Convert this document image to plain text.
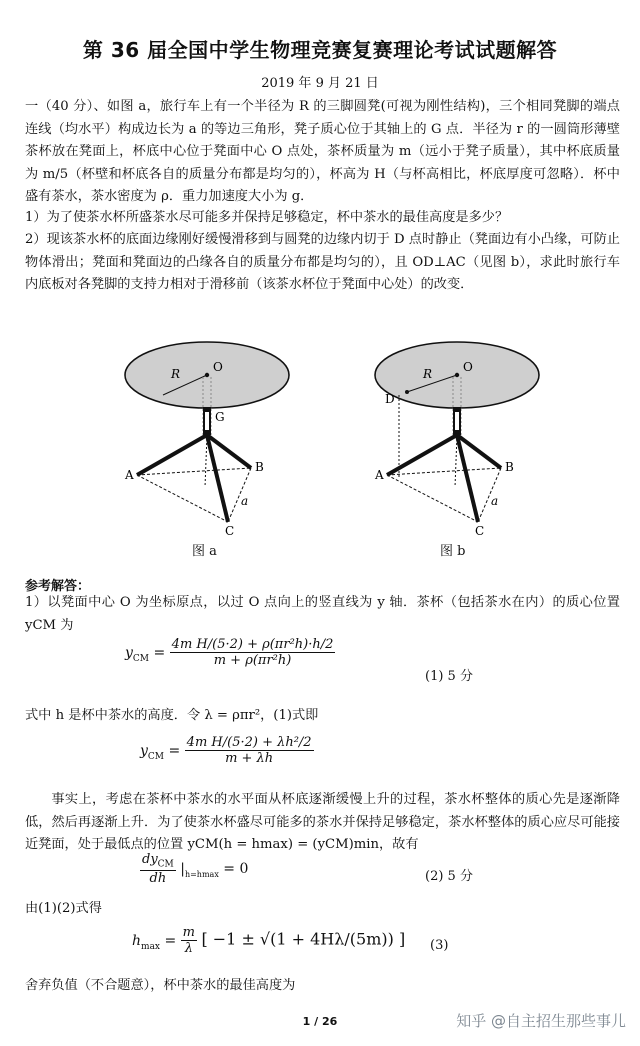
第 36 届全国中学生物理竞赛复赛理论考试试题解答
2019 年 9 月 21 日
一（40 分）、如图 a，旅行车上有一个半径为 R 的三脚圆凳(可视为刚性结构)，三个相同凳脚的端点连线（均水平）构成边长为 a 的等边三角形，凳子质心位于其轴上的 G 点．半径为 r 的一圆筒形薄壁茶杯放在凳面上，杯底中心位于凳面中心 O 点处，茶杯质量为 m（远小于凳子质量），其中杯底质量为 m/5（杯壁和杯底各自的质量分布都是均匀的），杯高为 H（与杯高相比，杯底厚度可忽略）．杯中盛有茶水，茶水密度为 ρ．重力加速度大小为 g．
1）为了使茶水杯所盛茶水尽可能多并保持足够稳定，杯中茶水的最佳高度是多少？
2）现该茶水杯的底面边缘刚好缓慢滑移到与圆凳的边缘内切于 D 点时静止（凳面边有小凸缘，可防止物体滑出；凳面和凳面边的凸缘各自的质量分布都是均匀的），且 OD⊥AC（见图 b），求此时旅行车内底板对各凳脚的支持力相对于滑移前（该茶水杯位于凳面中心处）的改变．
O
R
G
A
B
C
a
图 a
O
R
D
A
B
C
a
图 b
参考解答：
1）以凳面中心 O 为坐标原点，以过 O 点向上的竖直线为 y 轴．茶杯（包括茶水在内）的质心位置 yCM 为
$y_{CM} = \frac{\text{4m H/(5·2) + ρ(πr²h)·h/2}}{\text{m + ρ(πr²h)}}$
(1) 5 分
式中 h 是杯中茶水的高度．令 λ = ρπr²，(1)式即
$y_{CM} = \frac{\text{4m H/(5·2) + λh²/2}}{m + \lambda h}$
事实上，考虑在茶杯中茶水的水平面从杯底逐渐缓慢上升的过程，茶水杯整体的质心先是逐渐降低，然后再逐渐上升．为了使茶水杯盛尽可能多的茶水并保持足够稳定，茶水杯整体的质心应尽可能接近凳面，处于最低点的位置 yCM(h = hmax) = (yCM)min，故有
$\frac{dy_{CM}}{dh} |_{h=hmax} = 0$	(2) 5 分
由(1)(2)式得
$h_{max} = \frac{m}{\lambda}$ [ −1 ± √(1 + 4Hλ/(5m)) ] (3)
舍弃负值（不合题意），杯中茶水的最佳高度为
1 / 26	知乎 @自主招生那些事儿
